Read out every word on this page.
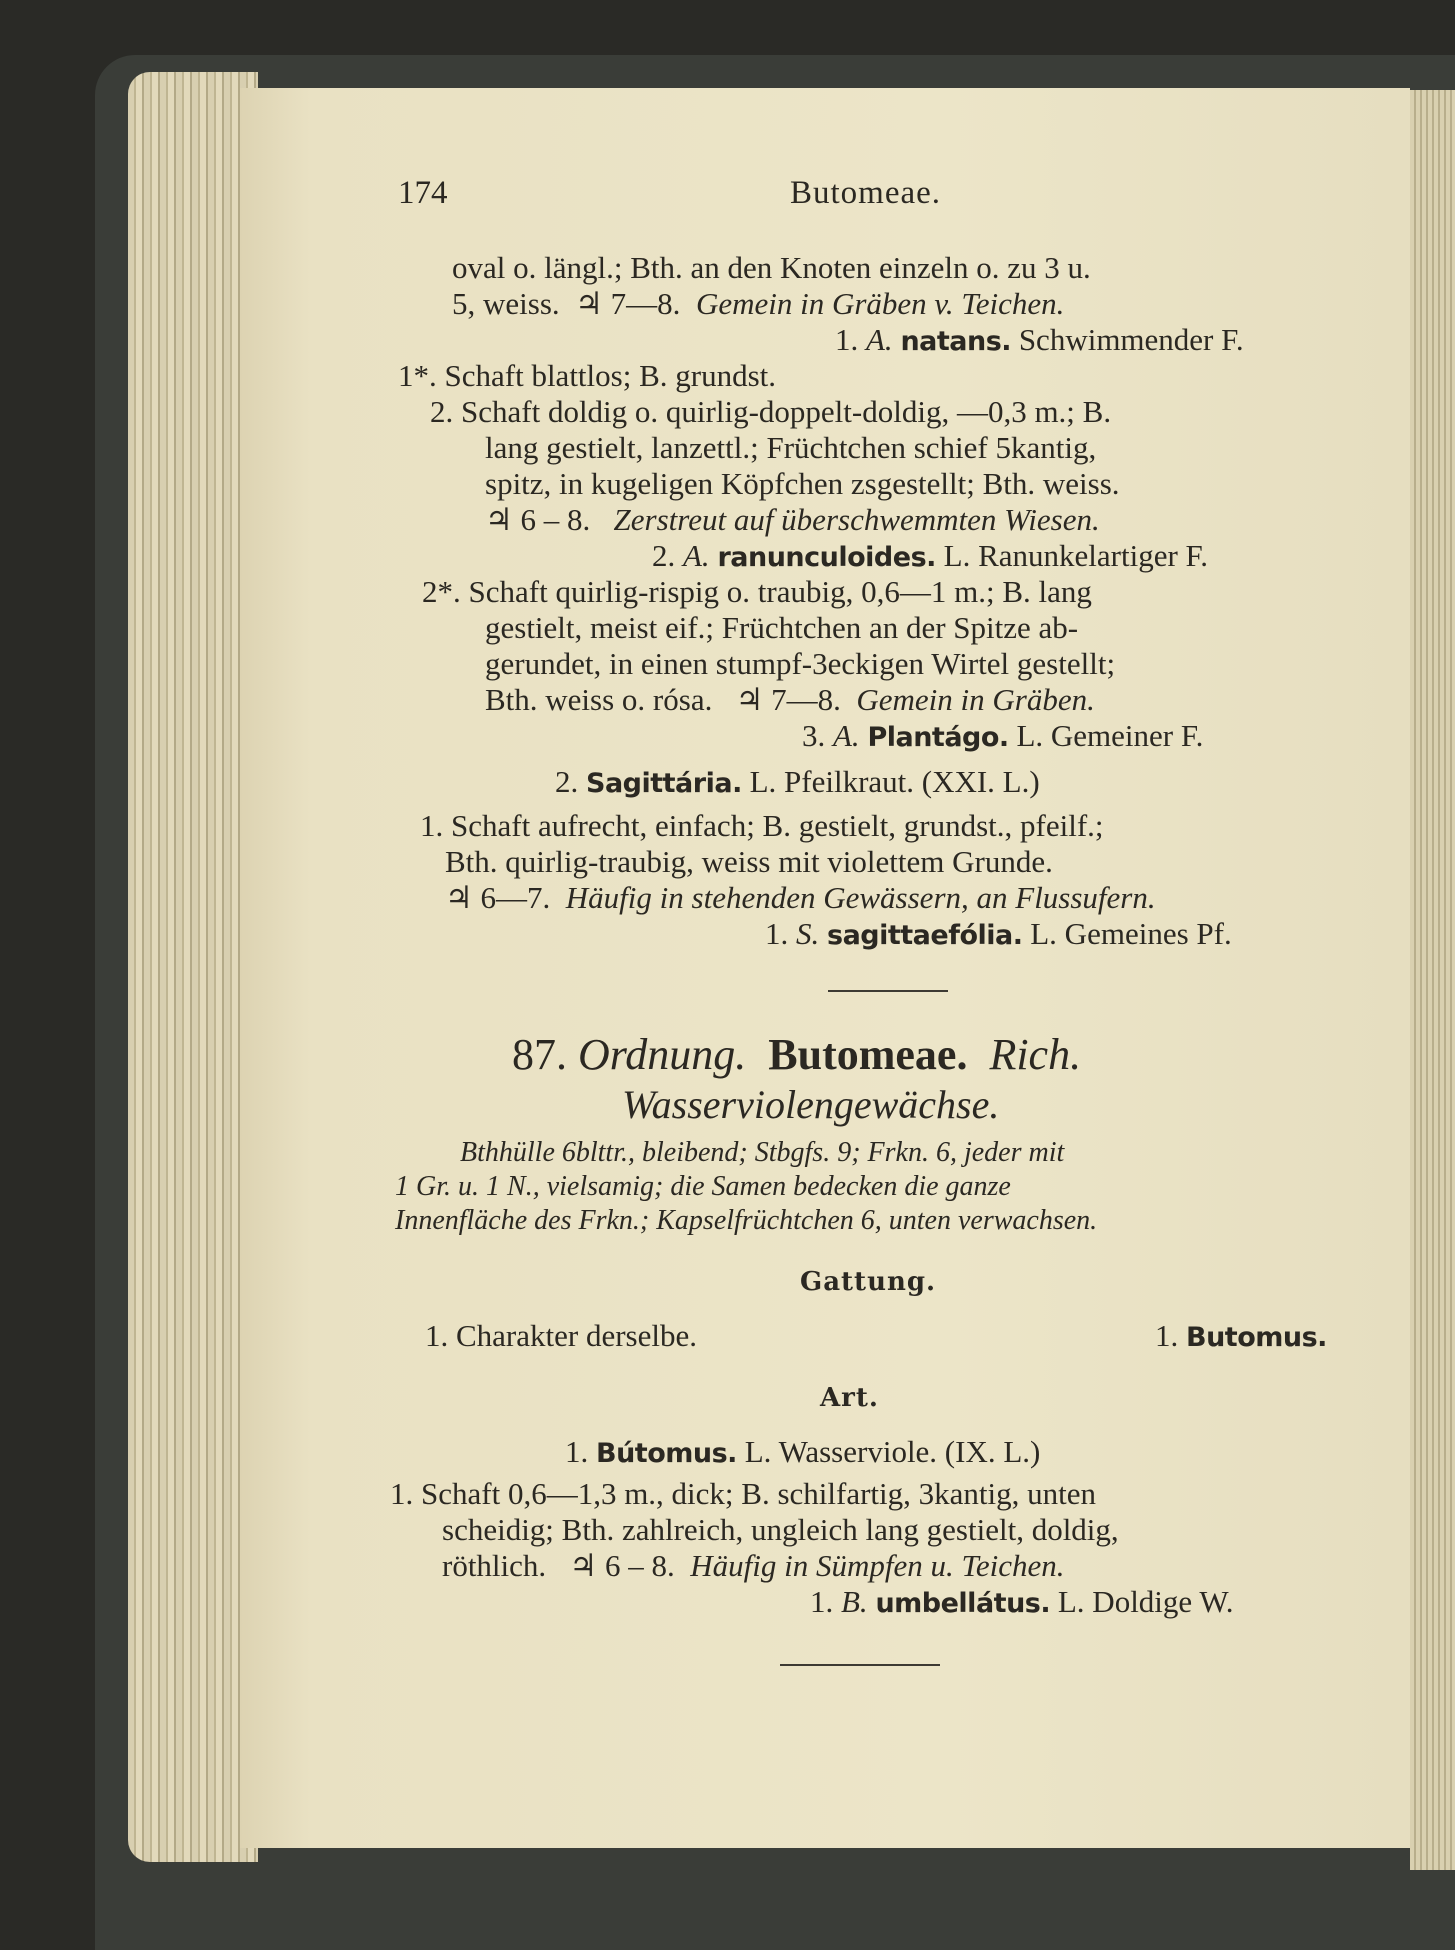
174	Butomeae.
oval o. längl.; Bth. an den Knoten einzeln o. zu 3 u.
5, weiss. ♃ 7—8. Gemein in Gräben v. Teichen.
1. A. natans. Schwimmender F.
1*. Schaft blattlos; B. grundst.
2. Schaft doldig o. quirlig-doppelt-doldig, —0,3 m.; B.
lang gestielt, lanzettl.; Früchtchen schief 5kantig,
spitz, in kugeligen Köpfchen zsgestellt; Bth. weiss.
♃ 6 – 8. Zerstreut auf überschwemmten Wiesen.
2. A. ranunculoides. L. Ranunkelartiger F.
2*. Schaft quirlig-rispig o. traubig, 0,6—1 m.; B. lang
gestielt, meist eif.; Früchtchen an der Spitze ab-
gerundet, in einen stumpf-3eckigen Wirtel gestellt;
Bth. weiss o. rósa. ♃ 7—8. Gemein in Gräben.
3. A. Plantágo. L. Gemeiner F.
2. Sagittária. L. Pfeilkraut. (XXI. L.)
1. Schaft aufrecht, einfach; B. gestielt, grundst., pfeilf.;
Bth. quirlig-traubig, weiss mit violettem Grunde.
♃ 6—7. Häufig in stehenden Gewässern, an Flussufern.
1. S. sagittaefólia. L. Gemeines Pf.
87. Ordnung. Butomeae. Rich.
Wasserviolengewächse.
Bthhülle 6blttr., bleibend; Stbgfs. 9; Frkn. 6, jeder mit
1 Gr. u. 1 N., vielsamig; die Samen bedecken die ganze
Innenfläche des Frkn.; Kapselfrüchtchen 6, unten verwachsen.
Gattung.
1. Charakter derselbe.	1. Butomus.
Art.
1. Bútomus. L. Wasserviole. (IX. L.)
1. Schaft 0,6—1,3 m., dick; B. schilfartig, 3kantig, unten
scheidig; Bth. zahlreich, ungleich lang gestielt, doldig,
röthlich. ♃ 6 – 8. Häufig in Sümpfen u. Teichen.
1. B. umbellátus. L. Doldige W.
